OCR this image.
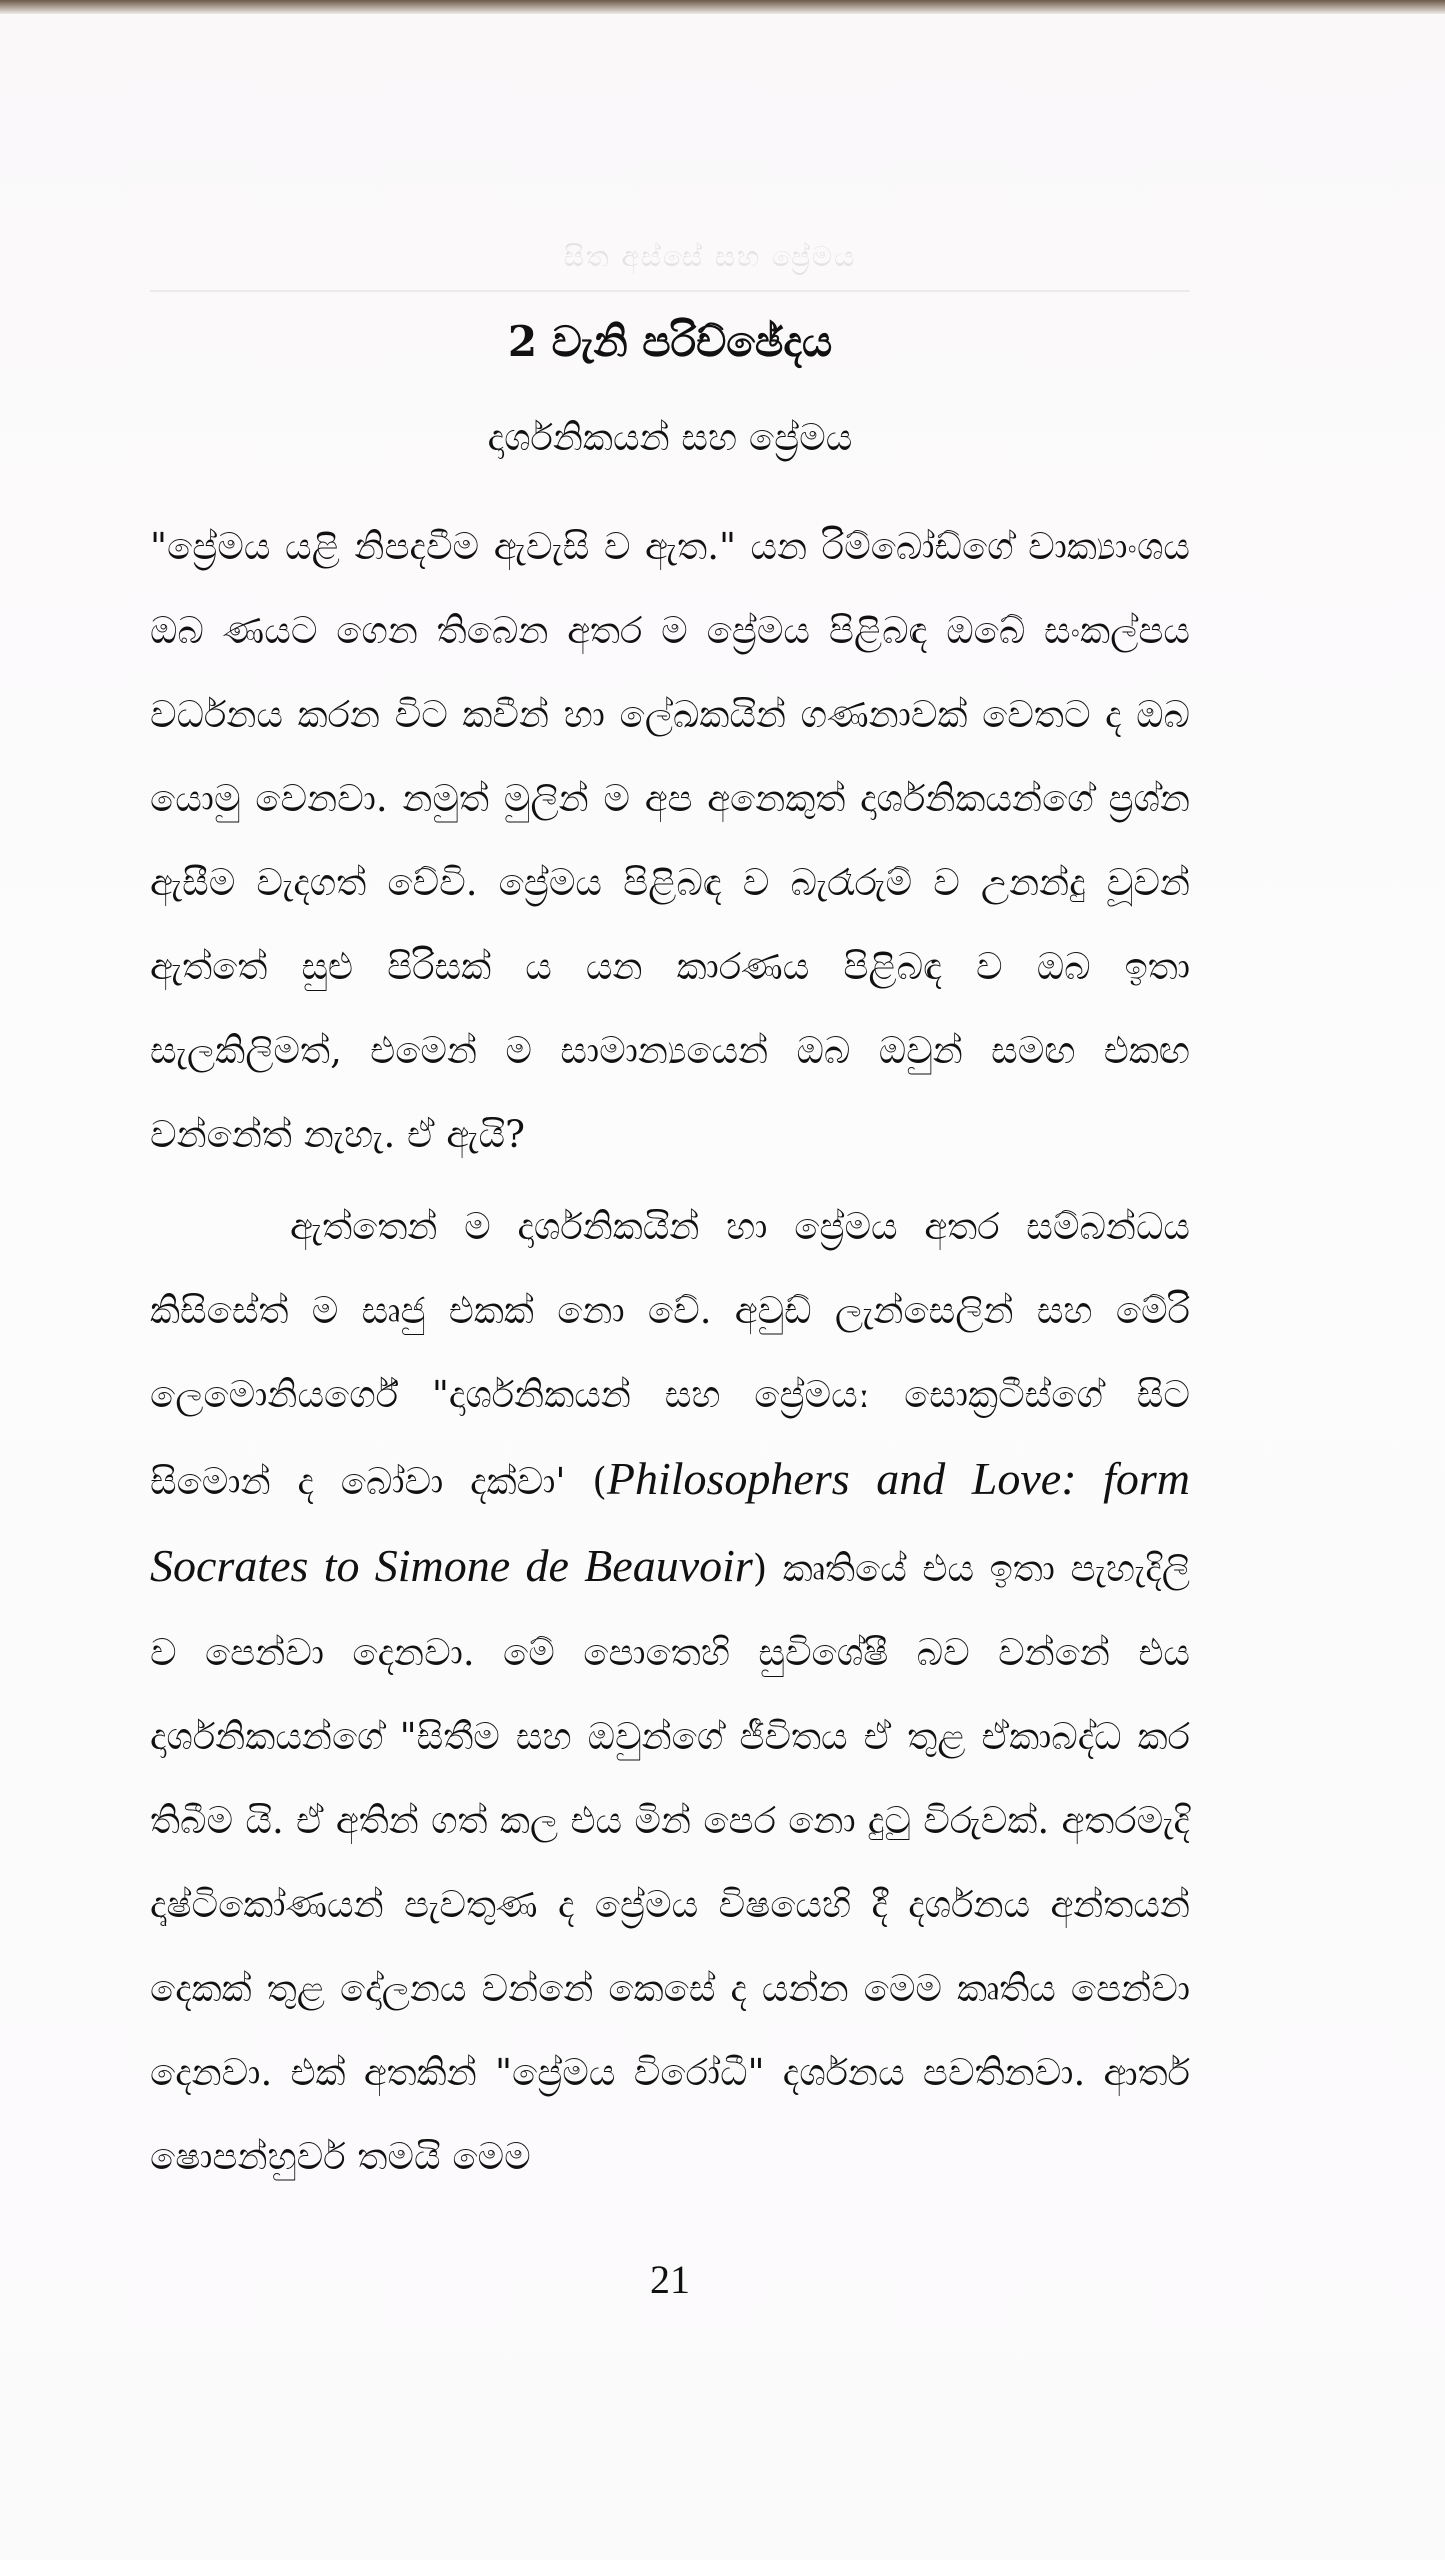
සිත අස්සේ සහ ප්‍රේමය
2 වැනි පරිච්ඡේදය
දාර්ශනිකයන් සහ ප්‍රේමය

"ප්‍රේමය යළි නිපදවීම ඇවැසි ව ඇත." යන රිම්බෝඩ්ගේ වාක්‍යාංශය ඔබ ණයට ගෙන තිබෙන අතර ම ප්‍රේමය පිළිබඳ ඔබේ සංකල්පය වර්ධනය කරන විට කවීන් හා ලේඛකයින් ගණනාවක් වෙතට ද ඔබ යොමු වෙනවා. නමුත් මුලින් ම අප අනෙකුත් දාර්ශනිකයන්ගේ ප්‍රශ්න ඇසීම වැදගත් වේවි. ප්‍රේමය පිළිබඳ ව බැරෑරුම් ව උනන්දු වූවන් ඇත්තේ සුළු පිරිසක් ය යන කාරණය පිළිබඳ ව ඔබ ඉතා සැලකිලිමත්, එමෙන් ම සාමාන්‍යයෙන් ඔබ ඔවුන් සමඟ එකඟ වන්නේත් නැහැ. ඒ ඇයි?

ඇත්තෙන් ම දාර්ශනිකයින් හා ප්‍රේමය අතර සම්බන්ධය කිසිසේත් ම සෘජු එකක් නො වේ. අවුඩ් ලැන්සෙලින් සහ මේරි ලෙමොනියර්ගේ "දාර්ශනිකයන් සහ ප්‍රේමයː සොක්‍රටීස්ගේ සිට සිමොන් ද බෝවා දක්වා' (Philosophers and Love: form Socrates to Simone de Beauvoir) කෘතියේ එය ඉතා පැහැදිලි ව පෙන්වා දෙනවා. මේ පොතෙහි සුවිශේෂී බව වන්නේ එය දාර්ශනිකයන්ගේ "සිතීම සහ ඔවුන්ගේ ජීවිතය ඒ තුළ ඒකාබද්ධ කර තිබීම යි. ඒ අතින් ගත් කල එය මින් පෙර නො දුටු විරුවක්. අතරමැදි දෘෂ්ටිකෝණයන් පැවතුණ ද ප්‍රේමය විෂයෙහි දී දර්ශනය අන්තයන් දෙකක් තුළ දෝලනය වන්නේ කෙසේ ද යන්න මෙම කෘතිය පෙන්වා දෙනවා. එක් අතකින් "ප්‍රේමය විරෝධී" දර්ශනය පවතිනවා. ආතර් ෂොපන්හුවර් තමයි මෙම

21
